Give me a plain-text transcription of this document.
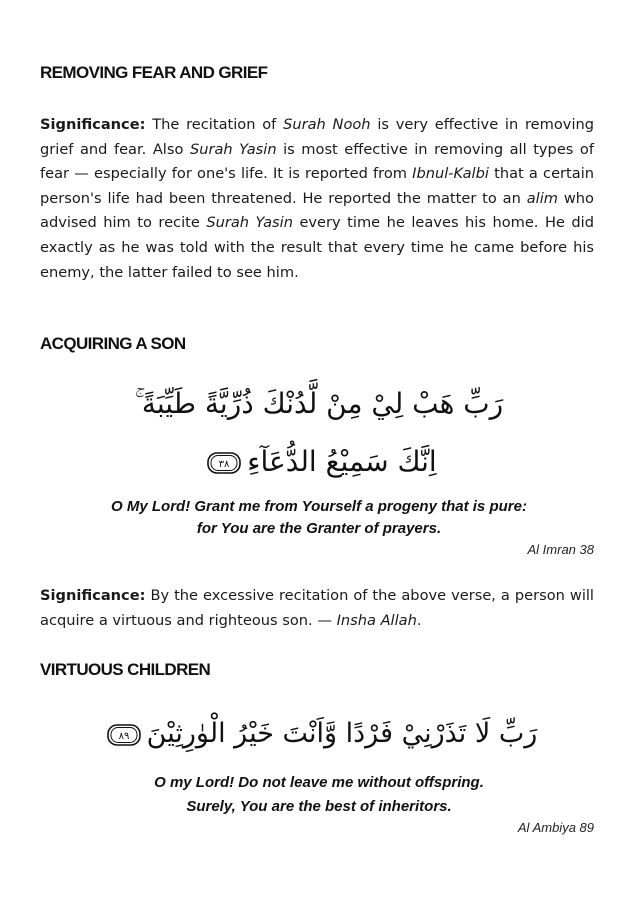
REMOVING FEAR AND GRIEF

Significance: The recitation of Surah Nooh is very effective in removing grief and fear. Also Surah Yasin is most effective in removing all types of fear — especially for one's life. It is reported from Ibnul-Kalbi that a certain person's life had been threatened. He reported the matter to an alim who advised him to recite Surah Yasin every time he leaves his home. He did exactly as he was told with the result that every time he came before his enemy, the latter failed to see him.

ACQUIRING A SON

رَبِّ هَبْ لِيْ مِنْ لَّدُنْكَ ذُرِّيَّةً طَيِّبَةً ۚ

اِنَّكَ سَمِيْعُ الدُّعَآءِ
٣٨

O My Lord! Grant me from Yourself a progeny that is pure:

for You are the Granter of prayers.

Al Imran 38

Significance: By the excessive recitation of the above verse, a person will acquire a virtuous and righteous son. — Insha Allah.

VIRTUOUS CHILDREN

رَبِّ لَا تَذَرْنِيْ فَرْدًا وَّاَنْتَ خَيْرُ الْوٰرِثِيْنَ
٨٩

O my Lord! Do not leave me without offspring.

Surely, You are the best of inheritors.

Al Ambiya 89
